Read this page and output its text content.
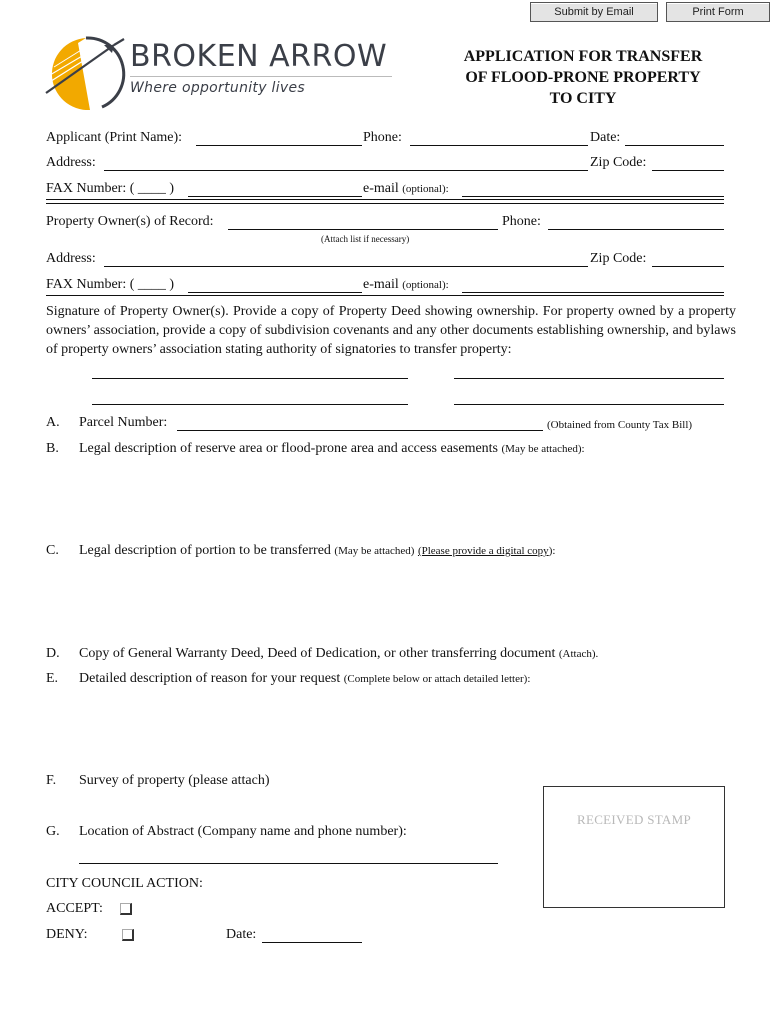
Submit by Email	Print Form
BROKEN ARROW
Where opportunity lives
APPLICATION FOR TRANSFER
OF FLOOD-PRONE PROPERTY
TO CITY
Applicant (Print Name):	Phone:	Date:
Address:	Zip Code:
FAX Number: ( ____ )	e-mail (optional):
Property Owner(s) of Record:	Phone:
(Attach list if necessary)
Address:	Zip Code:
FAX Number: ( ____ )	e-mail (optional):
Signature of Property Owner(s). Provide a copy of Property Deed showing ownership. For property owned by a property owners’ association, provide a copy of subdivision covenants and any other documents establishing ownership, and bylaws of property owners’ association stating authority of signatories to transfer property:
A. Parcel Number:	(Obtained from County Tax Bill)
B. Legal description of reserve area or flood-prone area and access easements (May be attached):
C. Legal description of portion to be transferred (May be attached) (Please provide a digital copy):
D. Copy of General Warranty Deed, Deed of Dedication, or other transferring document (Attach).
E. Detailed description of reason for your request (Complete below or attach detailed letter):
F. Survey of property (please attach)
RECEIVED STAMP
G. Location of Abstract (Company name and phone number):
CITY COUNCIL ACTION:
ACCEPT:
DENY:	Date:
